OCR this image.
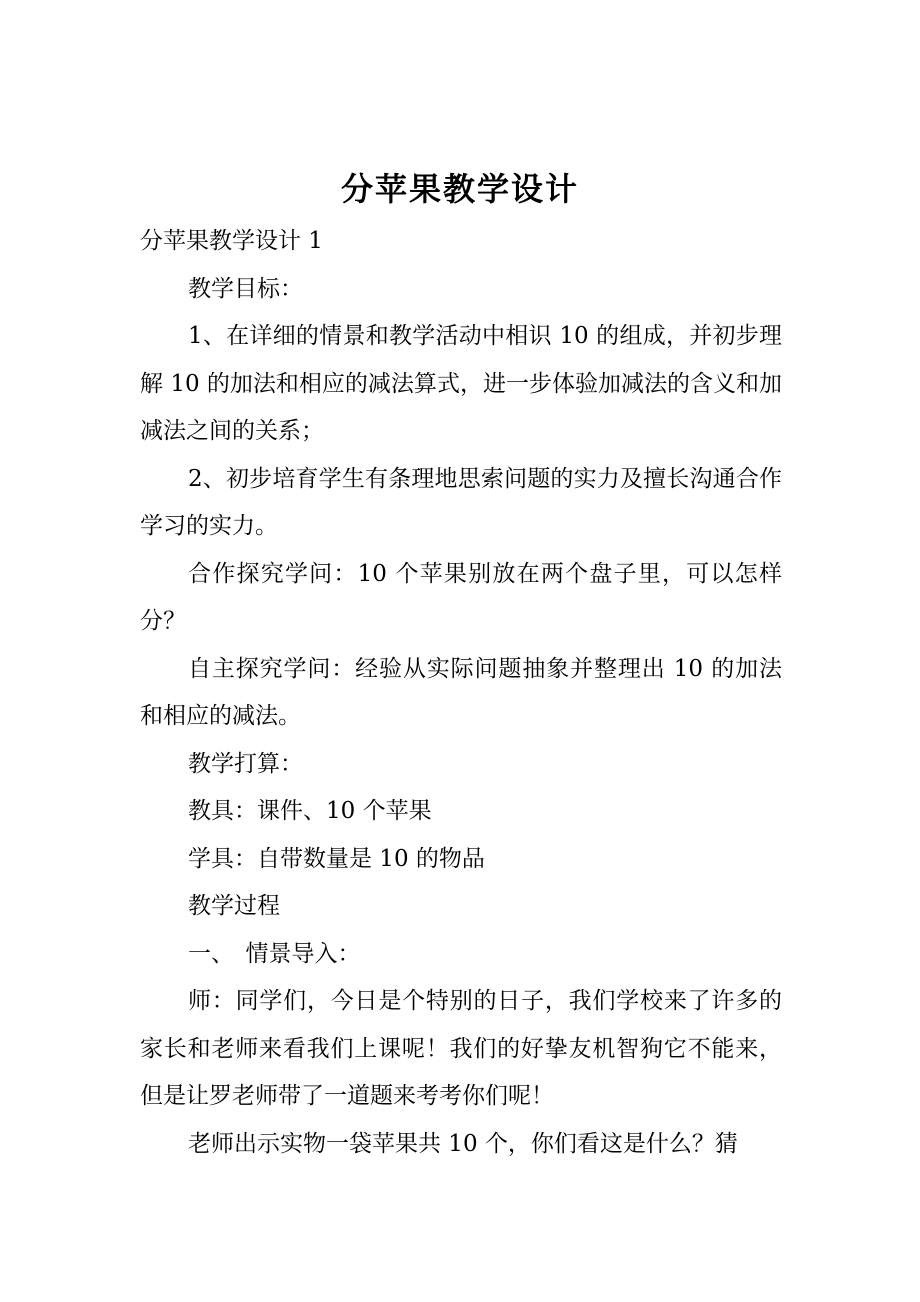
分苹果教学设计

分苹果教学设计 1

教学目标：

1、在详细的情景和教学活动中相识 10 的组成，并初步理解 10 的加法和相应的减法算式，进一步体验加减法的含义和加减法之间的关系；

2、初步培育学生有条理地思索问题的实力及擅长沟通合作学习的实力。

合作探究学问：10 个苹果别放在两个盘子里，可以怎样分？

自主探究学问：经验从实际问题抽象并整理出 10 的加法和相应的减法。

教学打算：

教具：课件、10 个苹果

学具：自带数量是 10 的物品

教学过程

一、　情景导入：

师：同学们，今日是个特别的日子，我们学校来了许多的家长和老师来看我们上课呢！我们的好挚友机智狗它不能来，但是让罗老师带了一道题来考考你们呢！

老师出示实物一袋苹果共 10 个，你们看这是什么？猜
